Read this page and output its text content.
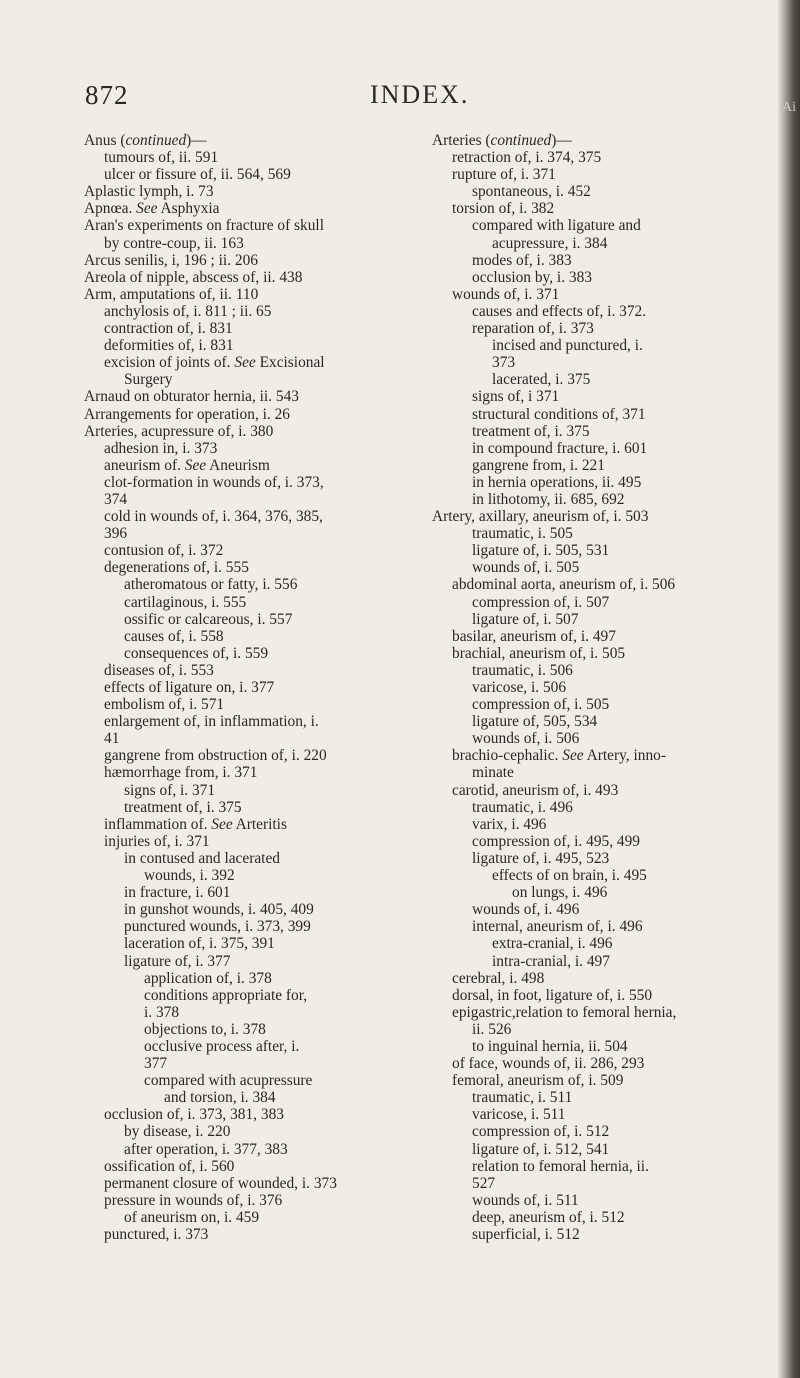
872	INDEX.
Anus (continued)—
tumours of, ii. 591
ulcer or fissure of, ii. 564, 569
Aplastic lymph, i. 73
Apnœa. See Asphyxia
Aran's experiments on fracture of skull
by contre-coup, ii. 163
Arcus senilis, i, 196 ; ii. 206
Areola of nipple, abscess of, ii. 438
Arm, amputations of, ii. 110
anchylosis of, i. 811 ; ii. 65
contraction of, i. 831
deformities of, i. 831
excision of joints of. See Excisional
Surgery
Arnaud on obturator hernia, ii. 543
Arrangements for operation, i. 26
Arteries, acupressure of, i. 380
adhesion in, i. 373
aneurism of. See Aneurism
clot-formation in wounds of, i. 373,
374
cold in wounds of, i. 364, 376, 385,
396
contusion of, i. 372
degenerations of, i. 555
atheromatous or fatty, i. 556
cartilaginous, i. 555
ossific or calcareous, i. 557
causes of, i. 558
consequences of, i. 559
diseases of, i. 553
effects of ligature on, i. 377
embolism of, i. 571
enlargement of, in inflammation, i.
41
gangrene from obstruction of, i. 220
hæmorrhage from, i. 371
signs of, i. 371
treatment of, i. 375
inflammation of. See Arteritis
injuries of, i. 371
in contused and lacerated
wounds, i. 392
in fracture, i. 601
in gunshot wounds, i. 405, 409
punctured wounds, i. 373, 399
laceration of, i. 375, 391
ligature of, i. 377
application of, i. 378
conditions appropriate for,
i. 378
objections to, i. 378
occlusive process after, i.
377
compared with acupressure
and torsion, i. 384
occlusion of, i. 373, 381, 383
by disease, i. 220
after operation, i. 377, 383
ossification of, i. 560
permanent closure of wounded, i. 373
pressure in wounds of, i. 376
of aneurism on, i. 459
punctured, i. 373
Arteries (continued)—
retraction of, i. 374, 375
rupture of, i. 371
spontaneous, i. 452
torsion of, i. 382
compared with ligature and
acupressure, i. 384
modes of, i. 383
occlusion by, i. 383
wounds of, i. 371
causes and effects of, i. 372.
reparation of, i. 373
incised and punctured, i.
373
lacerated, i. 375
signs of, i 371
structural conditions of, 371
treatment of, i. 375
in compound fracture, i. 601
gangrene from, i. 221
in hernia operations, ii. 495
in lithotomy, ii. 685, 692
Artery, axillary, aneurism of, i. 503
traumatic, i. 505
ligature of, i. 505, 531
wounds of, i. 505
abdominal aorta, aneurism of, i. 506
compression of, i. 507
ligature of, i. 507
basilar, aneurism of, i. 497
brachial, aneurism of, i. 505
traumatic, i. 506
varicose, i. 506
compression of, i. 505
ligature of, 505, 534
wounds of, i. 506
brachio-cephalic. See Artery, inno-
minate
carotid, aneurism of, i. 493
traumatic, i. 496
varix, i. 496
compression of, i. 495, 499
ligature of, i. 495, 523
effects of on brain, i. 495
on lungs, i. 496
wounds of, i. 496
internal, aneurism of, i. 496
extra-cranial, i. 496
intra-cranial, i. 497
cerebral, i. 498
dorsal, in foot, ligature of, i. 550
epigastric,relation to femoral hernia,
ii. 526
to inguinal hernia, ii. 504
of face, wounds of, ii. 286, 293
femoral, aneurism of, i. 509
traumatic, i. 511
varicose, i. 511
compression of, i. 512
ligature of, i. 512, 541
relation to femoral hernia, ii.
527
wounds of, i. 511
deep, aneurism of, i. 512
superficial, i. 512
Ai
